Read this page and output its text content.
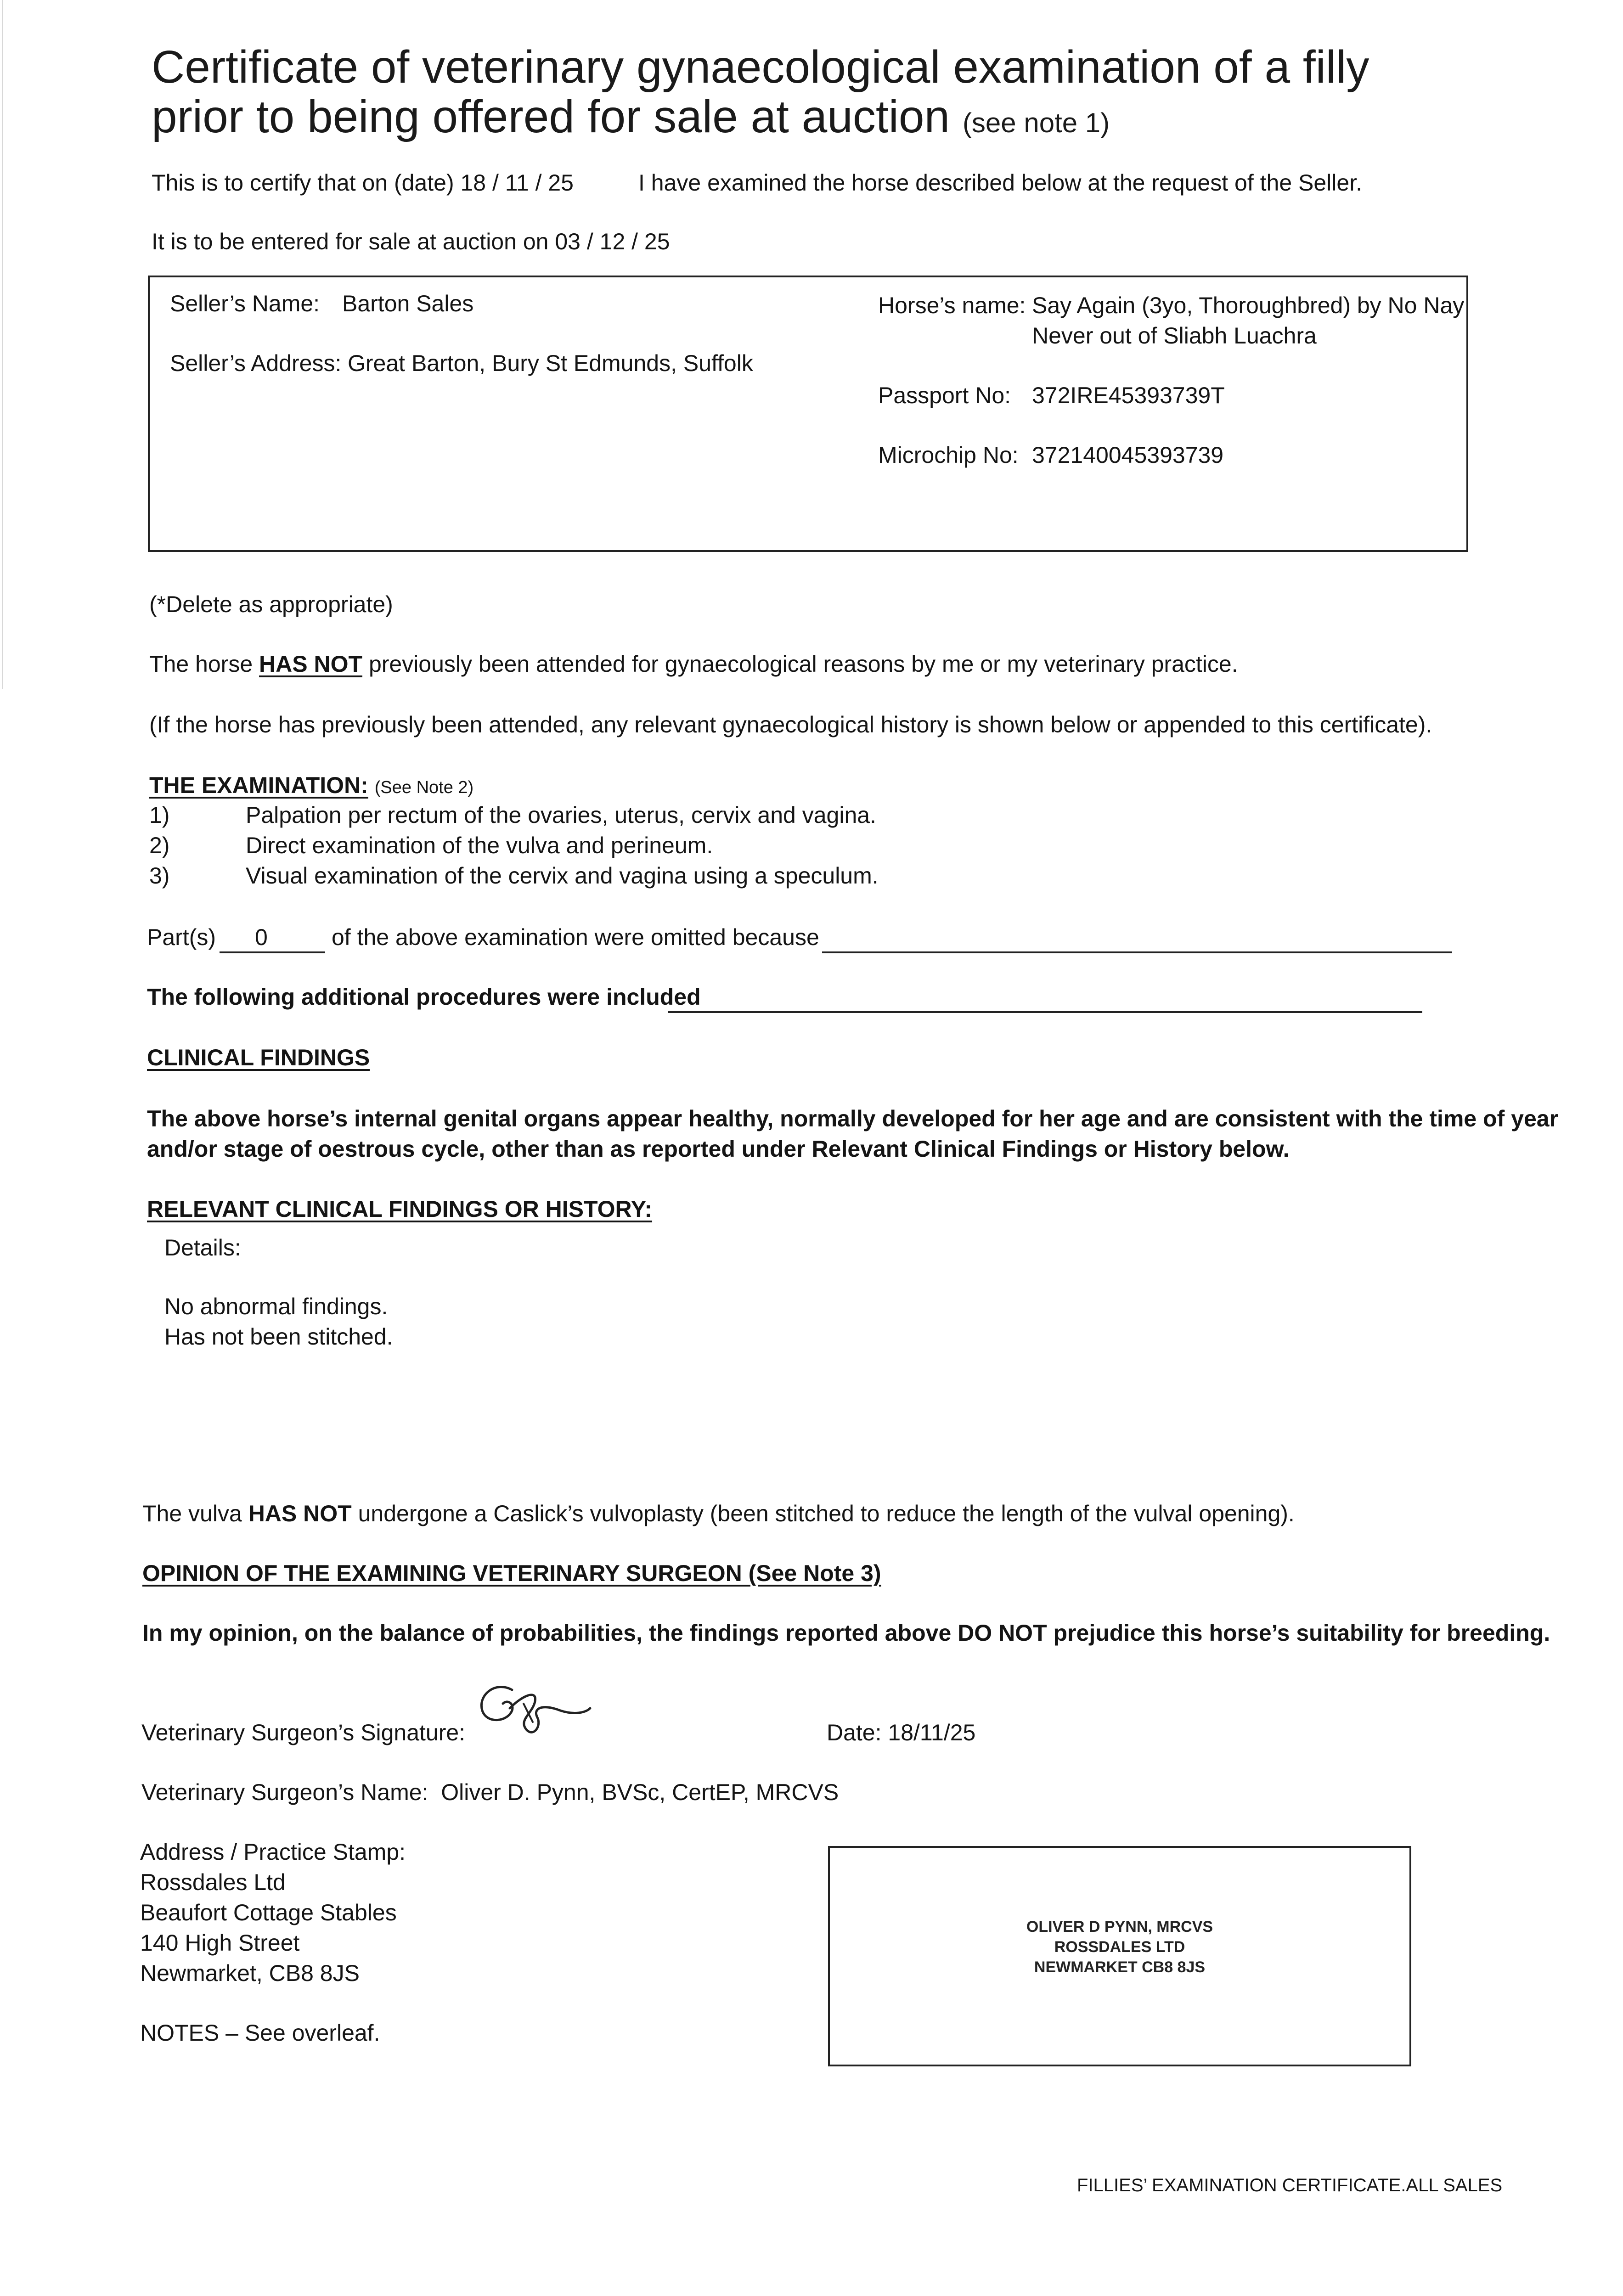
Certificate of veterinary gynaecological examination of a filly
prior to being offered for sale at auction (see note 1)
This is to certify that on (date) 18 / 11 / 25	I have examined the horse described below at the request of the Seller.
It is to be entered for sale at auction on 03 / 12 / 25
Seller’s Name: Barton Sales
Seller’s Address: Great Barton, Bury St Edmunds, Suffolk
Horse’s name: Say Again (3yo, Thoroughbred) by No Nay
Never out of Sliabh Luachra
Passport No: 372IRE45393739T
Microchip No: 372140045393739
(*Delete as appropriate)
The horse HAS NOT previously been attended for gynaecological reasons by me or my veterinary practice.
(If the horse has previously been attended, any relevant gynaecological history is shown below or appended to this certificate).
THE EXAMINATION: (See Note 2)
1)	Palpation per rectum of the ovaries, uterus, cervix and vagina.
2)	Direct examination of the vulva and perineum.
3)	Visual examination of the cervix and vagina using a speculum.
Part(s) 0	of the above examination were omitted because
The following additional procedures were included
CLINICAL FINDINGS
The above horse’s internal genital organs appear healthy, normally developed for her age and are consistent with the time of year
and/or stage of oestrous cycle, other than as reported under Relevant Clinical Findings or History below.
RELEVANT CLINICAL FINDINGS OR HISTORY:
Details:
No abnormal findings.
Has not been stitched.
The vulva HAS NOT undergone a Caslick’s vulvoplasty (been stitched to reduce the length of the vulval opening).
OPINION OF THE EXAMINING VETERINARY SURGEON (See Note 3)
In my opinion, on the balance of probabilities, the findings reported above DO NOT prejudice this horse’s suitability for breeding.
Veterinary Surgeon’s Signature:	Date: 18/11/25
Veterinary Surgeon’s Name: Oliver D. Pynn, BVSc, CertEP, MRCVS
Address / Practice Stamp:
Rossdales Ltd
Beaufort Cottage Stables
140 High Street
Newmarket, CB8 8JS
OLIVER D PYNN, MRCVS
ROSSDALES LTD
NEWMARKET CB8 8JS
NOTES – See overleaf.
FILLIES’ EXAMINATION CERTIFICATE.ALL SALES
